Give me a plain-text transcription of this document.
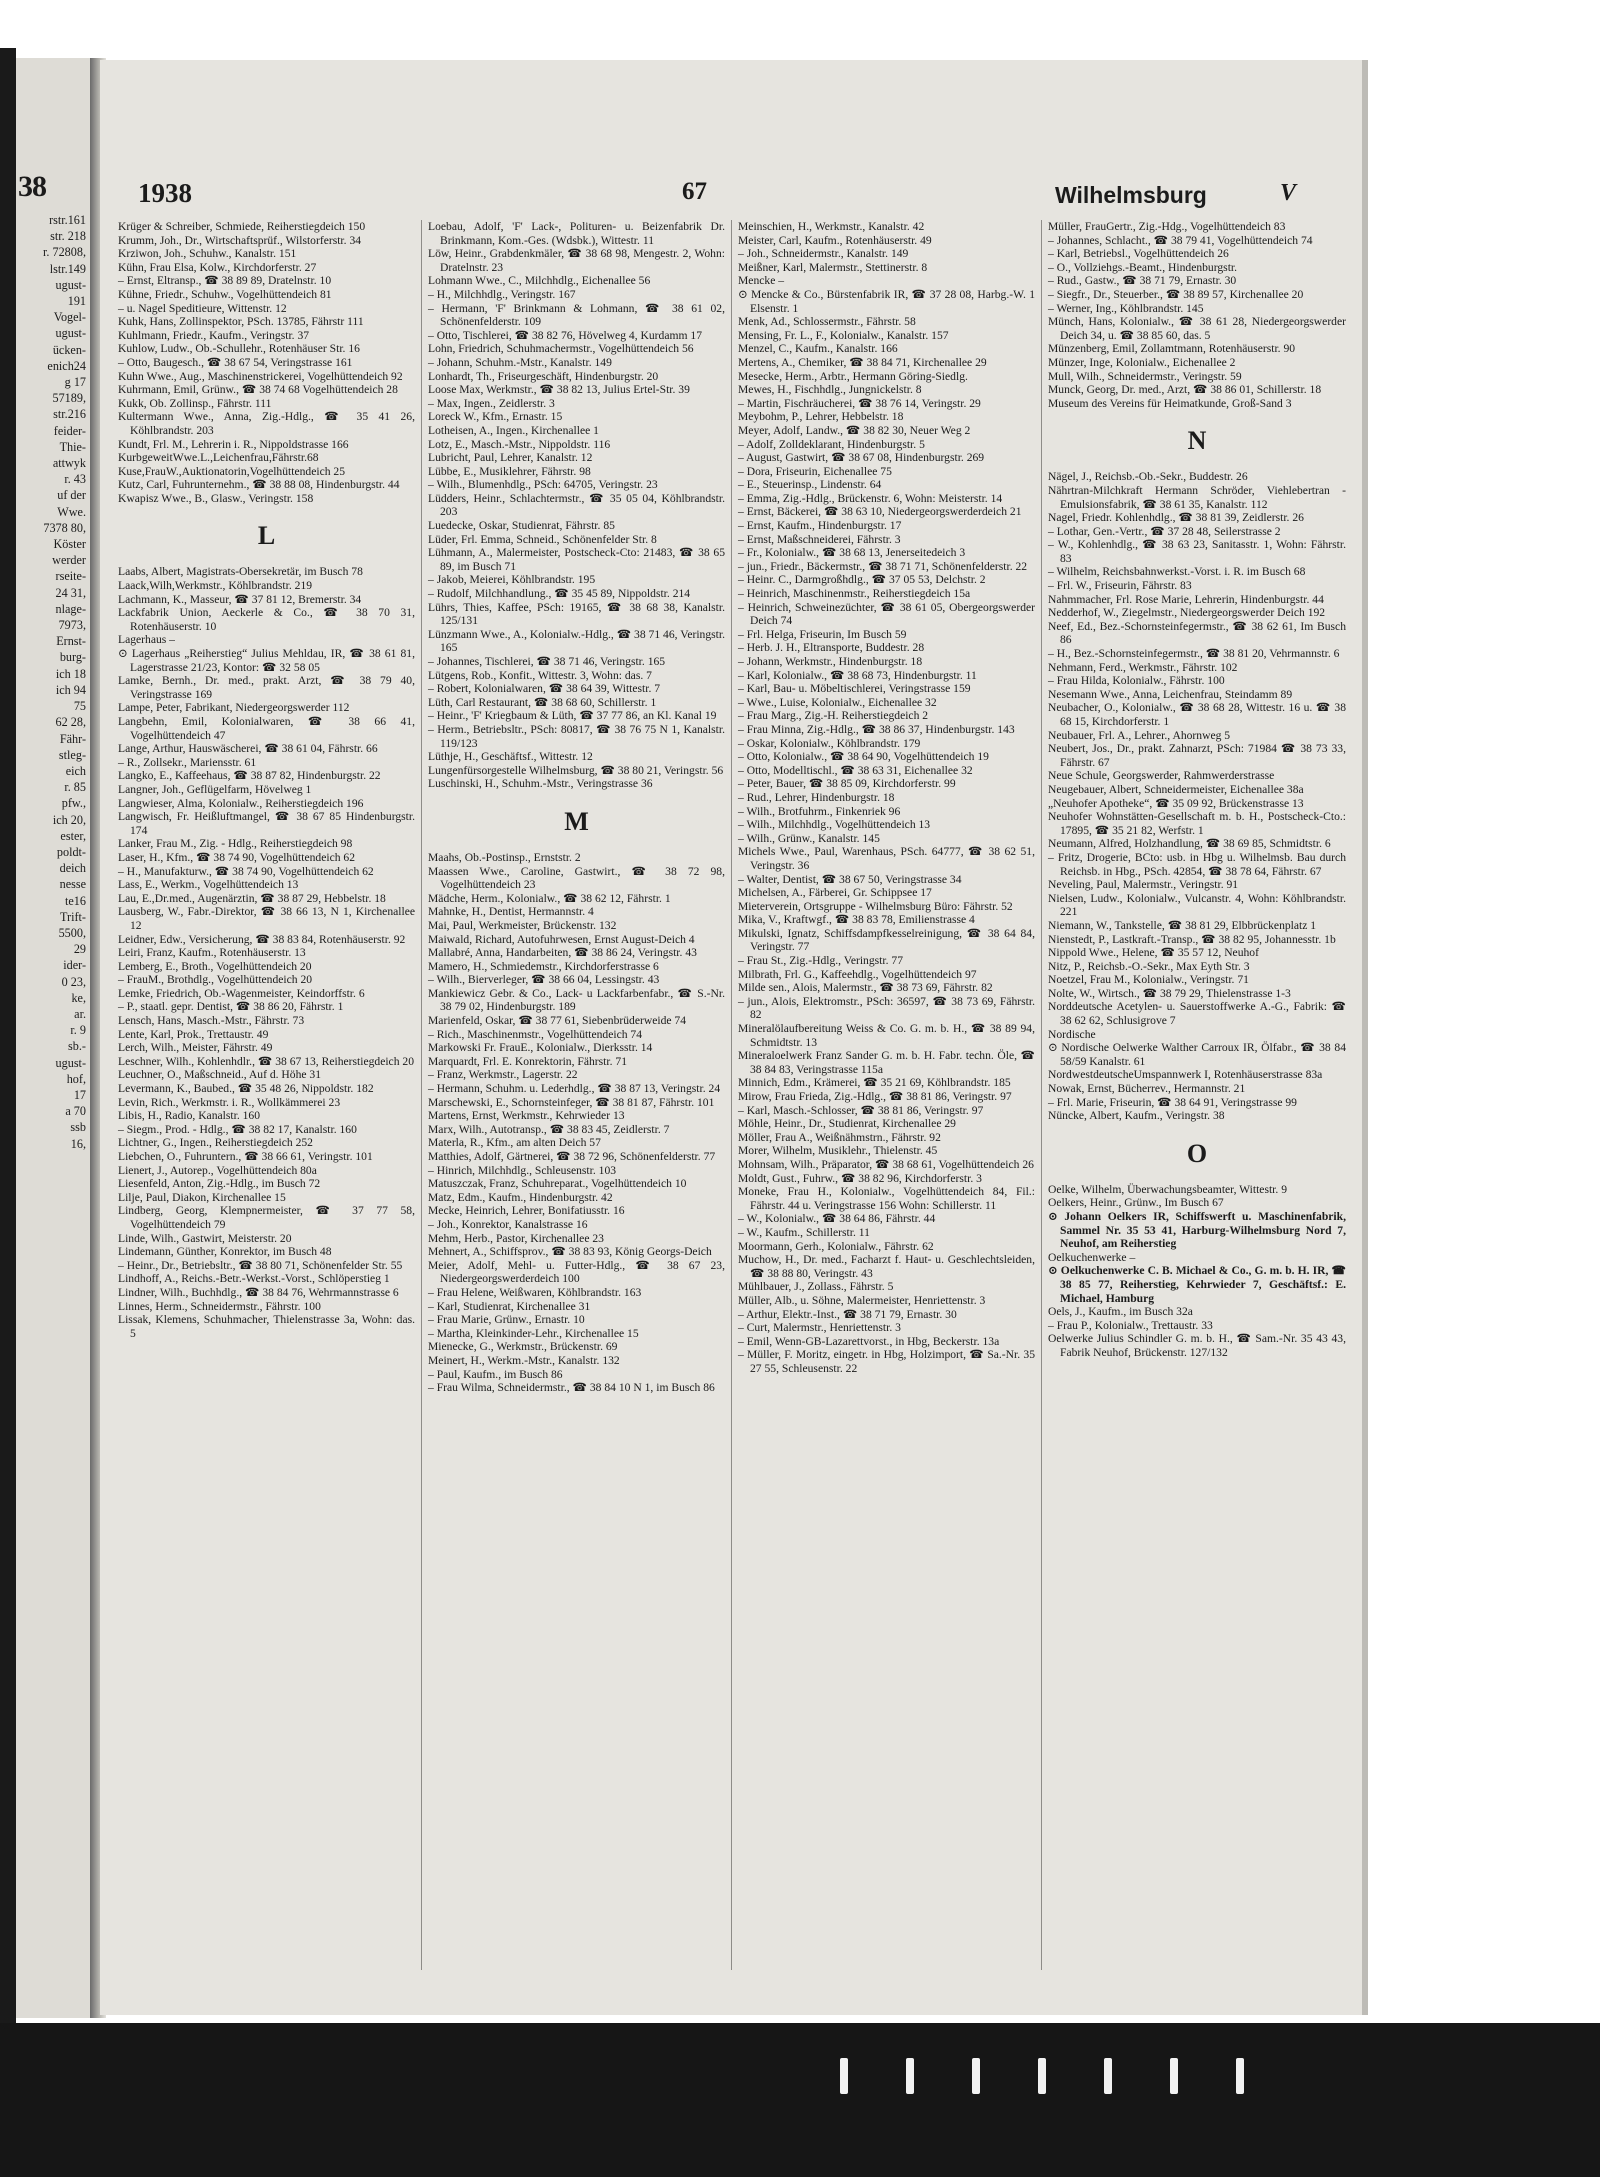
38
rstr.161
str. 218
r. 72808,
lstr.149
ugust-
191
Vogel-
ugust-
ücken-
enich24
g 17
57189,
str.216
feider-
Thie-
attwyk
r. 43
uf der
Wwe.
7378 80,
Köster
werder
rseite-
24 31,
nlage-
7973,
Ernst-
burg-
ich 18
ich 94
75
62 28,
Fähr-
stleg-
eich
r. 85
pfw.,
ich 20,
ester,
poldt-
deich
nesse
te16
Trift-
5500,
29
ider-
0 23,
ke,
ar.
r. 9
sb.-
ugust-
hof,
17
a 70
ssb
16,
1938	67	Wilhelmsburg	V

Krüger & Schreiber, Schmiede, Reiherstiegdeich 150

Krumm, Joh., Dr., Wirtschaftsprüf., Wilstorferstr. 34

Krziwon, Joh., Schuhw., Kanalstr. 151

Kühn, Frau Elsa, Kolw., Kirchdorferstr. 27

– Ernst, Eltransp., ☎ 38 89 89, Dratelnstr. 10

Kühne, Friedr., Schuhw., Vogelhüttendeich 81

– u. Nagel Speditieure, Wittenstr. 12

Kuhk, Hans, Zollinspektor, PSch. 13785, Fährstr 111

Kuhlmann, Friedr., Kaufm., Veringstr. 37

Kuhlow, Ludw., Ob.-Schullehr., Rotenhäuser Str. 16

– Otto, Baugesch., ☎ 38 67 54, Veringstrasse 161

Kuhn Wwe., Aug., Maschinenstrickerei, Vogelhüttendeich 92

Kuhrmann, Emil, Grünw., ☎ 38 74 68 Vogelhüttendeich 28

Kukk, Ob. Zollinsp., Fährstr. 111

Kultermann Wwe., Anna, Zig.-Hdlg., ☎ 35 41 26, Köhlbrandstr. 203

Kundt, Frl. M., Lehrerin i. R., Nippoldstrasse 166

KurbgeweitWwe.L.,Leichenfrau,Fährstr.68

Kuse,FrauW.,Auktionatorin,Vogelhüttendeich 25

Kutz, Carl, Fuhrunternehm., ☎ 38 88 08, Hindenburgstr. 44

Kwapisz Wwe., B., Glasw., Veringstr. 158

L

Laabs, Albert, Magistrats-Obersekretär, im Busch 78

Laack,Wilh,Werkmstr., Köhlbrandstr. 219

Lachmann, K., Masseur, ☎ 37 81 12, Bremerstr. 34

Lackfabrik Union, Aeckerle & Co., ☎ 38 70 31, Rotenhäuserstr. 10

Lagerhaus –

⊙ Lagerhaus „Reiherstieg“ Julius Mehldau, IR, ☎ 38 61 81, Lagerstrasse 21/23, Kontor: ☎ 32 58 05

Lamke, Bernh., Dr. med., prakt. Arzt, ☎ 38 79 40, Veringstrasse 169

Lampe, Peter, Fabrikant, Niedergeorgswerder 112

Langbehn, Emil, Kolonialwaren, ☎ 38 66 41, Vogelhüttendeich 47

Lange, Arthur, Hauswäscherei, ☎ 38 61 04, Fährstr. 66

– R., Zollsekr., Mariensstr. 61

Langko, E., Kaffeehaus, ☎ 38 87 82, Hindenburgstr. 22

Langner, Joh., Geflügelfarm, Hövelweg 1

Langwieser, Alma, Kolonialw., Reiherstiegdeich 196

Langwisch, Fr. Heißluftmangel, ☎ 38 67 85 Hindenburgstr. 174

Lanker, Frau M., Zig. - Hdlg., Reiherstiegdeich 98

Laser, H., Kfm., ☎ 38 74 90, Vogelhüttendeich 62

– H., Manufakturw., ☎ 38 74 90, Vogelhüttendeich 62

Lass, E., Werkm., Vogelhüttendeich 13

Lau, E.,Dr.med., Augenärztin, ☎ 38 87 29, Hebbelstr. 18

Lausberg, W., Fabr.-Direktor, ☎ 38 66 13, N 1, Kirchenallee 12

Leidner, Edw., Versicherung, ☎ 38 83 84, Rotenhäuserstr. 92

Leiri, Franz, Kaufm., Rotenhäuserstr. 13

Lemberg, E., Broth., Vogelhüttendeich 20

– FrauM., Brothdlg., Vogelhüttendeich 20

Lemke, Friedrich, Ob.-Wagenmeister, Keindorffstr. 6

– P., staatl. gepr. Dentist, ☎ 38 86 20, Fährstr. 1

Lensch, Hans, Masch.-Mstr., Fährstr. 73

Lente, Karl, Prok., Trettaustr. 49

Lerch, Wilh., Meister, Fährstr. 49

Leschner, Wilh., Kohlenhdlr., ☎ 38 67 13, Reiherstiegdeich 20

Leuchner, O., Maßschneid., Auf d. Höhe 31

Levermann, K., Baubed., ☎ 35 48 26, Nippoldstr. 182

Levin, Rich., Werkmstr. i. R., Wollkämmerei 23

Libis, H., Radio, Kanalstr. 160

– Siegm., Prod. - Hdlg., ☎ 38 82 17, Kanalstr. 160

Lichtner, G., Ingen., Reiherstiegdeich 252

Liebchen, O., Fuhruntern., ☎ 38 66 61, Veringstr. 101

Lienert, J., Autorep., Vogelhüttendeich 80a

Liesenfeld, Anton, Zig.-Hdlg., im Busch 72

Lilje, Paul, Diakon, Kirchenallee 15

Lindberg, Georg, Klempnermeister, ☎ 37 77 58, Vogelhüttendeich 79

Linde, Wilh., Gastwirt, Meisterstr. 20

Lindemann, Günther, Konrektor, im Busch 48

– Heinr., Dr., Betriebsltr., ☎ 38 80 71, Schönenfelder Str. 55

Lindhoff, A., Reichs.-Betr.-Werkst.-Vorst., Schlöperstieg 1

Lindner, Wilh., Buchhdlg., ☎ 38 84 76, Wehrmannstrasse 6

Linnes, Herm., Schneidermstr., Fährstr. 100

Lissak, Klemens, Schuhmacher, Thielenstrasse 3a, Wohn: das. 5

Loebau, Adolf, 'F' Lack-, Polituren- u. Beizenfabrik Dr. Brinkmann, Kom.-Ges. (Wdsbk.), Wittestr. 11

Löw, Heinr., Grabdenkmäler, ☎ 38 68 98, Mengestr. 2, Wohn: Dratelnstr. 23

Lohmann Wwe., C., Milchhdlg., Eichenallee 56

– H., Milchhdlg., Veringstr. 167

– Hermann, 'F' Brinkmann & Lohmann, ☎ 38 61 02, Schönenfelderstr. 109

– Otto, Tischlerei, ☎ 38 82 76, Hövelweg 4, Kurdamm 17

Lohn, Friedrich, Schuhmachermstr., Vogelhüttendeich 56

– Johann, Schuhm.-Mstr., Kanalstr. 149

Lonhardt, Th., Friseurgeschäft, Hindenburgstr. 20

Loose Max, Werkmstr., ☎ 38 82 13, Julius Ertel-Str. 39

– Max, Ingen., Zeidlerstr. 3

Loreck W., Kfm., Ernastr. 15

Lotheisen, A., Ingen., Kirchenallee 1

Lotz, E., Masch.-Mstr., Nippoldstr. 116

Lubricht, Paul, Lehrer, Kanalstr. 12

Lübbe, E., Musiklehrer, Fährstr. 98

– Wilh., Blumenhdlg., PSch: 64705, Veringstr. 23

Lüdders, Heinr., Schlachtermstr., ☎ 35 05 04, Köhlbrandstr. 203

Luedecke, Oskar, Studienrat, Fährstr. 85

Lüder, Frl. Emma, Schneid., Schönenfelder Str. 8

Lühmann, A., Malermeister, Postscheck-Cto: 21483, ☎ 38 65 89, im Busch 71

– Jakob, Meierei, Köhlbrandstr. 195

– Rudolf, Milchhandlung., ☎ 35 45 89, Nippoldstr. 214

Lührs, Thies, Kaffee, PSch: 19165, ☎ 38 68 38, Kanalstr. 125/131

Lünzmann Wwe., A., Kolonialw.-Hdlg., ☎ 38 71 46, Veringstr. 165

– Johannes, Tischlerei, ☎ 38 71 46, Veringstr. 165

Lütgens, Rob., Konfit., Wittestr. 3, Wohn: das. 7

– Robert, Kolonialwaren, ☎ 38 64 39, Wittestr. 7

Lüth, Carl Restaurant, ☎ 38 68 60, Schillerstr. 1

– Heinr., 'F' Kriegbaum & Lüth, ☎ 37 77 86, an Kl. Kanal 19

– Herm., Betriebsltr., PSch: 80817, ☎ 38 76 75 N 1, Kanalstr. 119/123

Lüthje, H., Geschäftsf., Wittestr. 12

Lungenfürsorgestelle Wilhelmsburg, ☎ 38 80 21, Veringstr. 56

Luschinski, H., Schuhm.-Mstr., Veringstrasse 36

M

Maahs, Ob.-Postinsp., Ernststr. 2

Maassen Wwe., Caroline, Gastwirt., ☎ 38 72 98, Vogelhüttendeich 23

Mädche, Herm., Kolonialw., ☎ 38 62 12, Fährstr. 1

Mahnke, H., Dentist, Hermannstr. 4

Mai, Paul, Werkmeister, Brückenstr. 132

Maiwald, Richard, Autofuhrwesen, Ernst August-Deich 4

Mallabré, Anna, Handarbeiten, ☎ 38 86 24, Veringstr. 43

Mamero, H., Schmiedemstr., Kirchdorferstrasse 6

– Wilh., Bierverleger, ☎ 38 66 04, Lessingstr. 43

Mankiewicz Gebr. & Co., Lack- u Lackfarbenfabr., ☎ S.-Nr. 38 79 02, Hindenburgstr. 189

Marienfeld, Oskar, ☎ 38 77 61, Siebenbrüderweide 74

– Rich., Maschinenmstr., Vogelhüttendeich 74

Markowski Fr. FrauE., Kolonialw., Dierksstr. 14

Marquardt, Frl. E. Konrektorin, Fährstr. 71

– Franz, Werkmstr., Lagerstr. 22

– Hermann, Schuhm. u. Lederhdlg., ☎ 38 87 13, Veringstr. 24

Marschewski, E., Schornsteinfeger, ☎ 38 81 87, Fährstr. 101

Martens, Ernst, Werkmstr., Kehrwieder 13

Marx, Wilh., Autotransp., ☎ 38 83 45, Zeidlerstr. 7

Materla, R., Kfm., am alten Deich 57

Matthies, Adolf, Gärtnerei, ☎ 38 72 96, Schönenfelderstr. 77

– Hinrich, Milchhdlg., Schleusenstr. 103

Matuszczak, Franz, Schuhreparat., Vogelhüttendeich 10

Matz, Edm., Kaufm., Hindenburgstr. 42

Mecke, Heinrich, Lehrer, Bonifatiusstr. 16

– Joh., Konrektor, Kanalstrasse 16

Mehm, Herb., Pastor, Kirchenallee 23

Mehnert, A., Schiffsprov., ☎ 38 83 93, König Georgs-Deich

Meier, Adolf, Mehl- u. Futter-Hdlg., ☎ 38 67 23, Niedergeorgswerderdeich 100

– Frau Helene, Weißwaren, Köhlbrandstr. 163

– Karl, Studienrat, Kirchenallee 31

– Frau Marie, Grünw., Ernastr. 10

– Martha, Kleinkinder-Lehr., Kirchenallee 15

Mienecke, G., Werkmstr., Brückenstr. 69

Meinert, H., Werkm.-Mstr., Kanalstr. 132

– Paul, Kaufm., im Busch 86

– Frau Wilma, Schneidermstr., ☎ 38 84 10 N 1, im Busch 86

Meinschien, H., Werkmstr., Kanalstr. 42

Meister, Carl, Kaufm., Rotenhäuserstr. 49

– Joh., Schneidermstr., Kanalstr. 149

Meißner, Karl, Malermstr., Stettinerstr. 8

Mencke –

⊙ Mencke & Co., Bürstenfabrik IR, ☎ 37 28 08, Harbg.-W. 1 Elsenstr. 1

Menk, Ad., Schlossermstr., Fährstr. 58

Mensing, Fr. L., F., Kolonialw., Kanalstr. 157

Menzel, C., Kaufm., Kanalstr. 166

Mertens, A., Chemiker, ☎ 38 84 71, Kirchenallee 29

Mesecke, Herm., Arbtr., Hermann Göring-Siedlg.

Mewes, H., Fischhdlg., Jungnickelstr. 8

– Martin, Fischräucherei, ☎ 38 76 14, Veringstr. 29

Meybohm, P., Lehrer, Hebbelstr. 18

Meyer, Adolf, Landw., ☎ 38 82 30, Neuer Weg 2

– Adolf, Zolldeklarant, Hindenburgstr. 5

– August, Gastwirt, ☎ 38 67 08, Hindenburgstr. 269

– Dora, Friseurin, Eichenallee 75

– E., Steuerinsp., Lindenstr. 64

– Emma, Zig.-Hdlg., Brückenstr. 6, Wohn: Meisterstr. 14

– Ernst, Bäckerei, ☎ 38 63 10, Niedergeorgswerderdeich 21

– Ernst, Kaufm., Hindenburgstr. 17

– Ernst, Maßschneiderei, Fährstr. 3

– Fr., Kolonialw., ☎ 38 68 13, Jenerseitedeich 3

– jun., Friedr., Bäckermstr., ☎ 38 71 71, Schönenfelderstr. 22

– Heinr. C., Darmgroßhdlg., ☎ 37 05 53, Delchstr. 2

– Heinrich, Maschinenmstr., Reiherstiegdeich 15a

– Heinrich, Schweinezüchter, ☎ 38 61 05, Obergeorgswerder Deich 74

– Frl. Helga, Friseurin, Im Busch 59

– Herb. J. H., Eltransporte, Buddestr. 28

– Johann, Werkmstr., Hindenburgstr. 18

– Karl, Kolonialw., ☎ 38 68 73, Hindenburgstr. 11

– Karl, Bau- u. Möbeltischlerei, Veringstrasse 159

– Wwe., Luise, Kolonialw., Eichenallee 32

– Frau Marg., Zig.-H. Reiherstiegdeich 2

– Frau Minna, Zig.-Hdlg., ☎ 38 86 37, Hindenburgstr. 143

– Oskar, Kolonialw., Köhlbrandstr. 179

– Otto, Kolonialw., ☎ 38 64 90, Vogelhüttendeich 19

– Otto, Modelltischl., ☎ 38 63 31, Eichenallee 32

– Peter, Bauer, ☎ 38 85 09, Kirchdorferstr. 99

– Rud., Lehrer, Hindenburgstr. 18

– Wilh., Brotfuhrm., Finkenriek 96

– Wilh., Milchhdlg., Vogelhüttendeich 13

– Wilh., Grünw., Kanalstr. 145

Michels Wwe., Paul, Warenhaus, PSch. 64777, ☎ 38 62 51, Veringstr. 36

– Walter, Dentist, ☎ 38 67 50, Veringstrasse 34

Michelsen, A., Färberei, Gr. Schippsee 17

Mieterverein, Ortsgruppe - Wilhelmsburg Büro: Fährstr. 52

Mika, V., Kraftwgf., ☎ 38 83 78, Emilienstrasse 4

Mikulski, Ignatz, Schiffsdampfkesselreinigung, ☎ 38 64 84, Veringstr. 77

– Frau St., Zig.-Hdlg., Veringstr. 77

Milbrath, Frl. G., Kaffeehdlg., Vogelhüttendeich 97

Milde sen., Alois, Malermstr., ☎ 38 73 69, Fährstr. 82

– jun., Alois, Elektromstr., PSch: 36597, ☎ 38 73 69, Fährstr. 82

Mineralölaufbereitung Weiss & Co. G. m. b. H., ☎ 38 89 94, Schmidtstr. 13

Mineraloelwerk Franz Sander G. m. b. H. Fabr. techn. Öle, ☎ 38 84 83, Veringstrasse 115a

Minnich, Edm., Krämerei, ☎ 35 21 69, Köhlbrandstr. 185

Mirow, Frau Frieda, Zig.-Hdlg., ☎ 38 81 86, Veringstr. 97

– Karl, Masch.-Schlosser, ☎ 38 81 86, Veringstr. 97

Möhle, Heinr., Dr., Studienrat, Kirchenallee 29

Möller, Frau A., Weißnähmstrn., Fährstr. 92

Morer, Wilhelm, Musiklehr., Thielenstr. 45

Mohnsam, Wilh., Präparator, ☎ 38 68 61, Vogelhüttendeich 26

Moldt, Gust., Fuhrw., ☎ 38 82 96, Kirchdorferstr. 3

Moneke, Frau H., Kolonialw., Vogelhüttendeich 84, Fil.: Fährstr. 44 u. Veringstrasse 156 Wohn: Schillerstr. 11

– W., Kolonialw., ☎ 38 64 86, Fährstr. 44

– W., Kaufm., Schillerstr. 11

Moormann, Gerh., Kolonialw., Fährstr. 62

Muchow, H., Dr. med., Facharzt f. Haut- u. Geschlechtsleiden, ☎ 38 88 80, Veringstr. 43

Mühlbauer, J., Zollass., Fährstr. 5

Müller, Alb., u. Söhne, Malermeister, Henriettenstr. 3

– Arthur, Elektr.-Inst., ☎ 38 71 79, Ernastr. 30

– Curt, Malermstr., Henriettenstr. 3

– Emil, Wenn-GB-Lazarettvorst., in Hbg, Beckerstr. 13a

– Müller, F. Moritz, eingetr. in Hbg, Holzimport, ☎ Sa.-Nr. 35 27 55, Schleusenstr. 22

Müller, FrauGertr., Zig.-Hdg., Vogelhüttendeich 83

– Johannes, Schlacht., ☎ 38 79 41, Vogelhüttendeich 74

– Karl, Betriebsl., Vogelhüttendeich 26

– O., Vollziehgs.-Beamt., Hindenburgstr.

– Rud., Gastw., ☎ 38 71 79, Ernastr. 30

– Siegfr., Dr., Steuerber., ☎ 38 89 57, Kirchenallee 20

– Werner, Ing., Köhlbrandstr. 145

Münch, Hans, Kolonialw., ☎ 38 61 28, Niedergeorgswerder Deich 34, u. ☎ 38 85 60, das. 5

Münzenberg, Emil, Zollamtmann, Rotenhäuserstr. 90

Münzer, Inge, Kolonialw., Eichenallee 2

Mull, Wilh., Schneidermstr., Veringstr. 59

Munck, Georg, Dr. med., Arzt, ☎ 38 86 01, Schillerstr. 18

Museum des Vereins für Heimatkunde, Groß-Sand 3

N

Nägel, J., Reichsb.-Ob.-Sekr., Buddestr. 26

Nährtran-Milchkraft Hermann Schröder, Viehlebertran - Emulsionsfabrik, ☎ 38 61 35, Kanalstr. 112

Nagel, Friedr. Kohlenhdlg., ☎ 38 81 39, Zeidlerstr. 26

– Lothar, Gen.-Vertr., ☎ 37 28 48, Seilerstrasse 2

– W., Kohlenhdlg., ☎ 38 63 23, Sanitasstr. 1, Wohn: Fährstr. 83

– Wilhelm, Reichsbahnwerkst.-Vorst. i. R. im Busch 68

– Frl. W., Friseurin, Fährstr. 83

Nahmmacher, Frl. Rose Marie, Lehrerin, Hindenburgstr. 44

Nedderhof, W., Ziegelmstr., Niedergeorgswerder Deich 192

Neef, Ed., Bez.-Schornsteinfegermstr., ☎ 38 62 61, Im Busch 86

– H., Bez.-Schornsteinfegermstr., ☎ 38 81 20, Vehrmannstr. 6

Nehmann, Ferd., Werkmstr., Fährstr. 102

– Frau Hilda, Kolonialw., Fährstr. 100

Nesemann Wwe., Anna, Leichenfrau, Steindamm 89

Neubacher, O., Kolonialw., ☎ 38 68 28, Wittestr. 16 u. ☎ 38 68 15, Kirchdorferstr. 1

Neubauer, Frl. A., Lehrer., Ahornweg 5

Neubert, Jos., Dr., prakt. Zahnarzt, PSch: 71984 ☎ 38 73 33, Fährstr. 67

Neue Schule, Georgswerder, Rahmwerderstrasse

Neugebauer, Albert, Schneidermeister, Eichenallee 38a

„Neuhofer Apotheke“, ☎ 35 09 92, Brückenstrasse 13

Neuhofer Wohnstätten-Gesellschaft m. b. H., Postscheck-Cto.: 17895, ☎ 35 21 82, Werfstr. 1

Neumann, Alfred, Holzhandlung, ☎ 38 69 85, Schmidtstr. 6

– Fritz, Drogerie, BCto: usb. in Hbg u. Wilhelmsb. Bau durch Reichsb. in Hbg., PSch. 42854, ☎ 38 78 64, Fährstr. 67

Neveling, Paul, Malermstr., Veringstr. 91

Nielsen, Ludw., Kolonialw., Vulcanstr. 4, Wohn: Köhlbrandstr. 221

Niemann, W., Tankstelle, ☎ 38 81 29, Elbbrückenplatz 1

Nienstedt, P., Lastkraft.-Transp., ☎ 38 82 95, Johannesstr. 1b

Nippold Wwe., Helene, ☎ 35 57 12, Neuhof

Nitz, P., Reichsb.-O.-Sekr., Max Eyth Str. 3

Noetzel, Frau M., Kolonialw., Veringstr. 71

Nolte, W., Wirtsch., ☎ 38 79 29, Thielenstrasse 1-3

Norddeutsche Acetylen- u. Sauerstoffwerke A.-G., Fabrik: ☎ 38 62 62, Schlusigrove 7

Nordische

⊙ Nordische Oelwerke Walther Carroux IR, Ölfabr., ☎ 38 84 58/59 Kanalstr. 61

NordwestdeutscheUmspannwerk I, Rotenhäuserstrasse 83a

Nowak, Ernst, Bücherrev., Hermannstr. 21

– Frl. Marie, Friseurin, ☎ 38 64 91, Veringstrasse 99

Nüncke, Albert, Kaufm., Veringstr. 38

O

Oelke, Wilhelm, Überwachungsbeamter, Wittestr. 9

Oelkers, Heinr., Grünw., Im Busch 67

⊙ Johann Oelkers IR, Schiffswerft u. Maschinenfabrik, Sammel Nr. 35 53 41, Harburg-Wilhelmsburg Nord 7, Neuhof, am Reiherstieg

Oelkuchenwerke –

⊙ Oelkuchenwerke C. B. Michael & Co., G. m. b. H. IR, ☎ 38 85 77, Reiherstieg, Kehrwieder 7, Geschäftsf.: E. Michael, Hamburg

Oels, J., Kaufm., im Busch 32a

– Frau P., Kolonialw., Trettaustr. 33

Oelwerke Julius Schindler G. m. b. H., ☎ Sam.-Nr. 35 43 43, Fabrik Neuhof, Brückenstr. 127/132
